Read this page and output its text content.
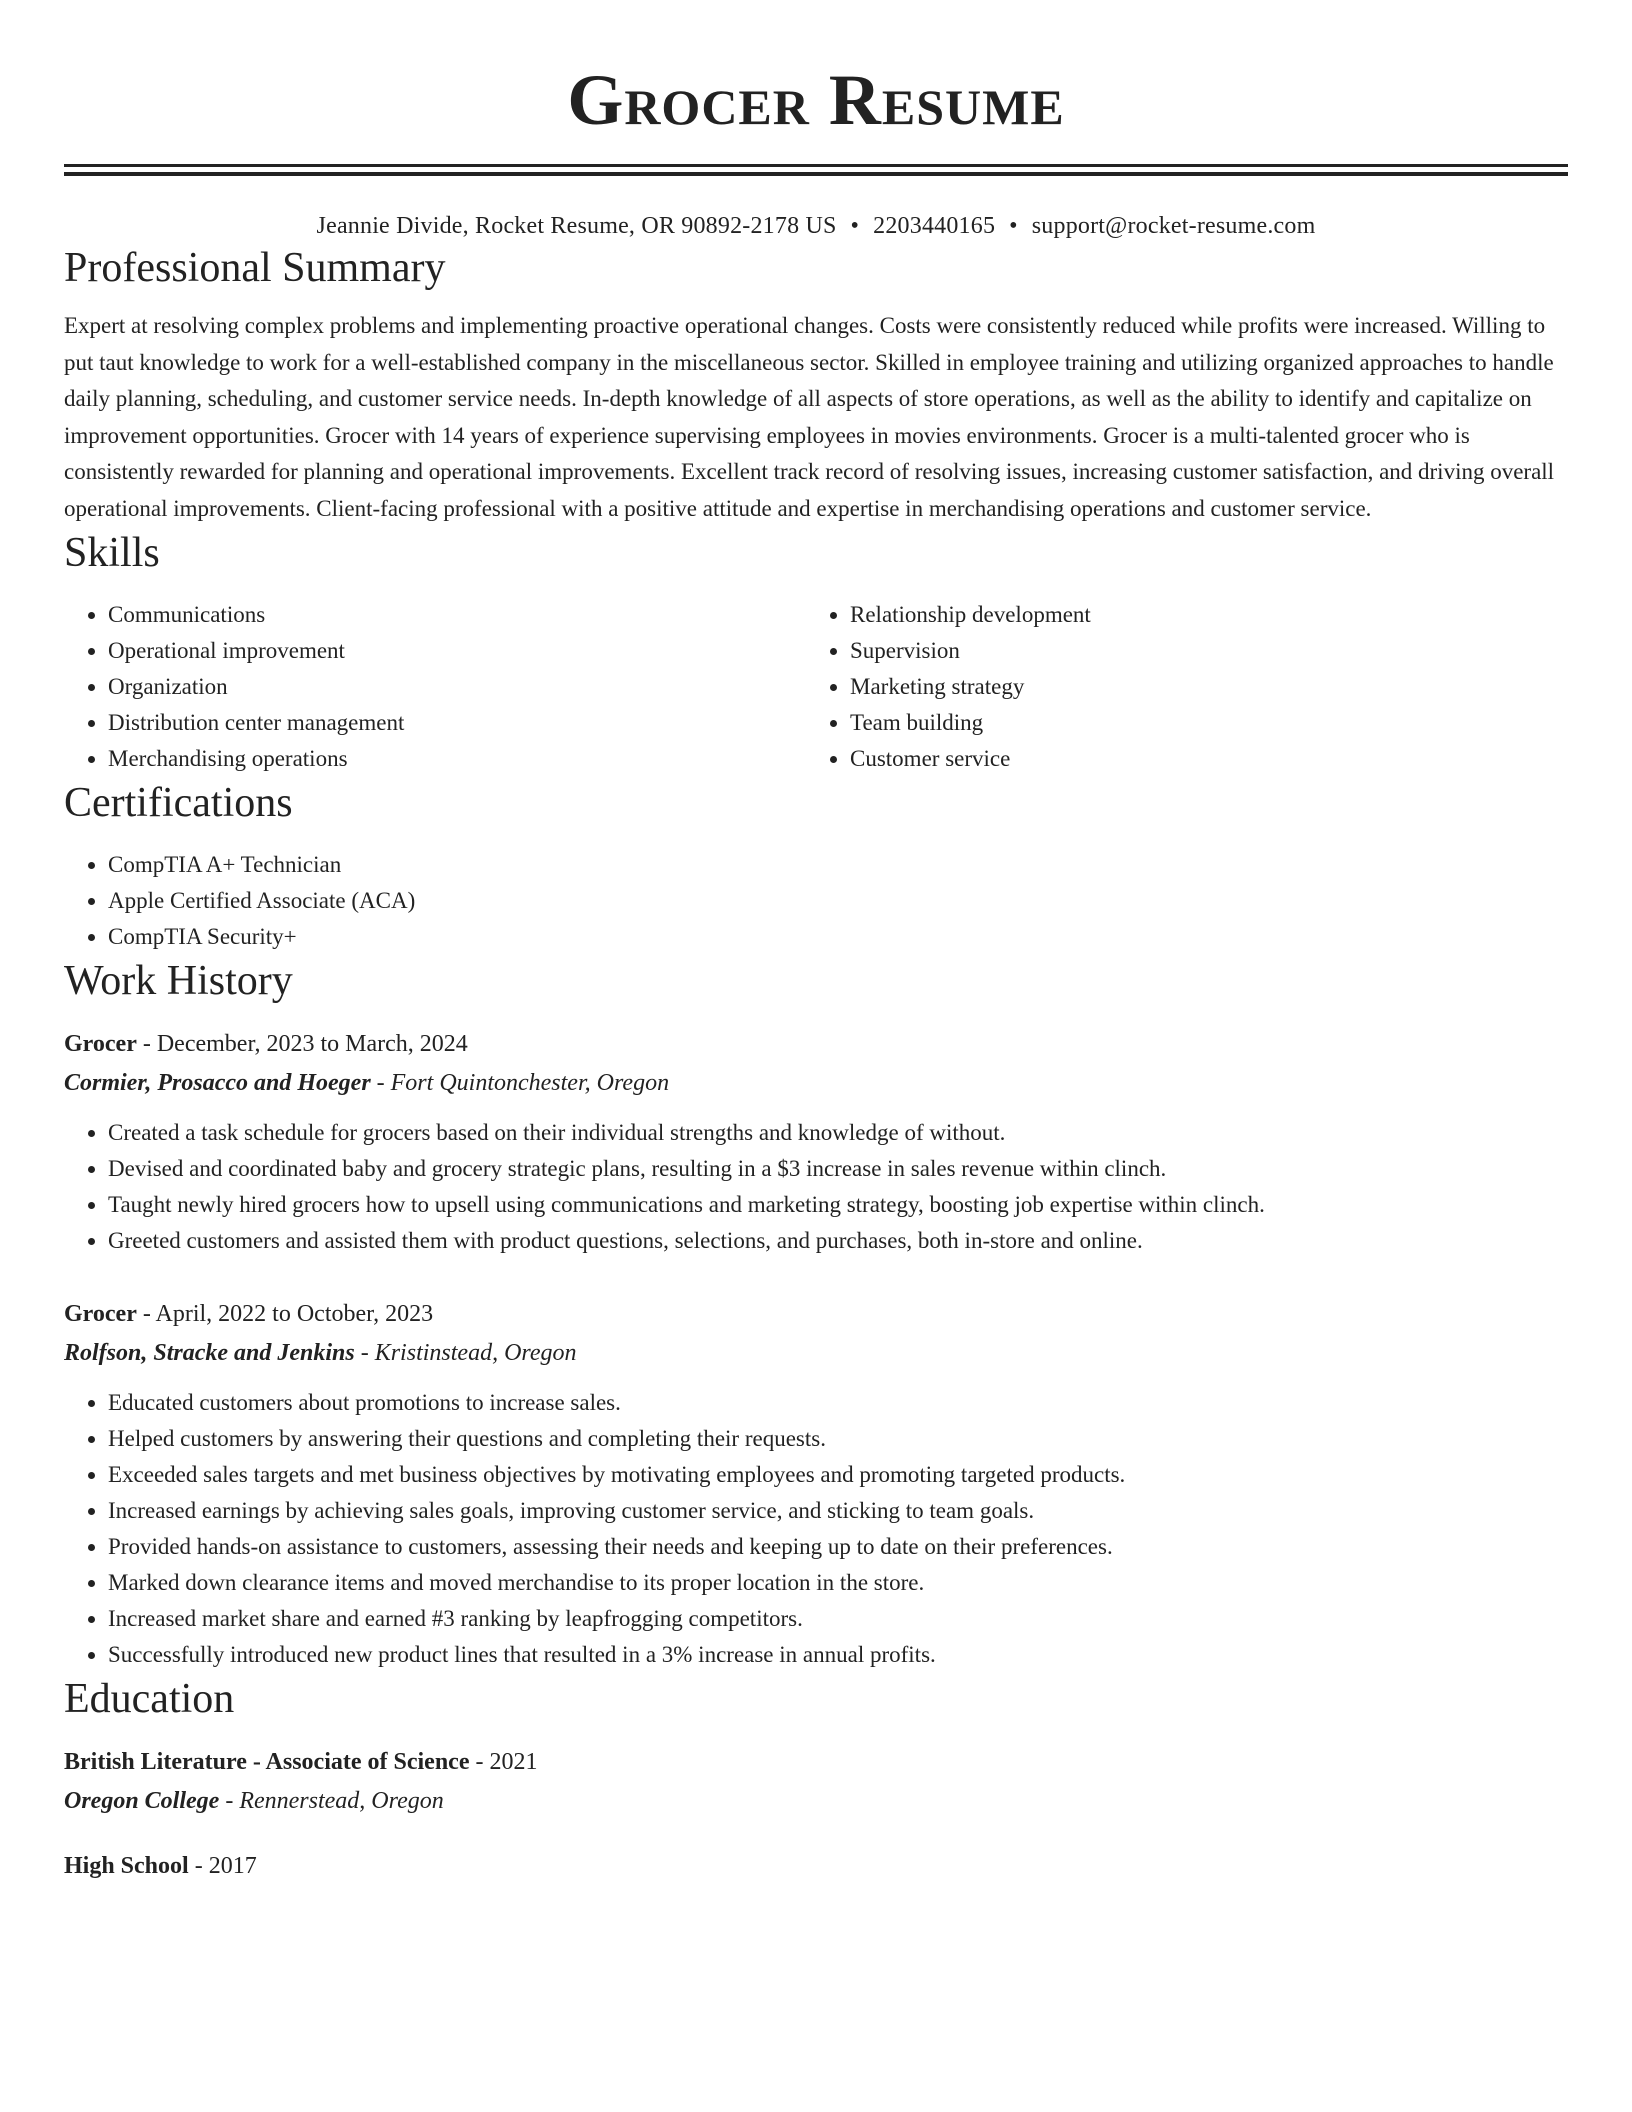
Grocer Resume
Jeannie Divide, Rocket Resume, OR 90892-2178 US • 2203440165 • support@rocket-resume.com
Professional Summary

Expert at resolving complex problems and implementing proactive operational changes. Costs were consistently reduced while profits were increased. Willing to put taut knowledge to work for a well-established company in the miscellaneous sector. Skilled in employee training and utilizing organized approaches to handle daily planning, scheduling, and customer service needs. In-depth knowledge of all aspects of store operations, as well as the ability to identify and capitalize on improvement opportunities. Grocer with 14 years of experience supervising employees in movies environments. Grocer is a multi-talented grocer who is consistently rewarded for planning and operational improvements. Excellent track record of resolving issues, increasing customer satisfaction, and driving overall operational improvements. Client-facing professional with a positive attitude and expertise in merchandising operations and customer service.

Skills
• Communications
• Operational improvement
• Organization
• Distribution center management
• Merchandising operations
• Relationship development
• Supervision
• Marketing strategy
• Team building
• Customer service
Certifications
• CompTIA A+ Technician
• Apple Certified Associate (ACA)
• CompTIA Security+
Work History
Grocer - December, 2023 to March, 2024
Cormier, Prosacco and Hoeger - Fort Quintonchester, Oregon
• Created a task schedule for grocers based on their individual strengths and knowledge of without.
• Devised and coordinated baby and grocery strategic plans, resulting in a $3 increase in sales revenue within clinch.
• Taught newly hired grocers how to upsell using communications and marketing strategy, boosting job expertise within clinch.
• Greeted customers and assisted them with product questions, selections, and purchases, both in-store and online.
Grocer - April, 2022 to October, 2023
Rolfson, Stracke and Jenkins - Kristinstead, Oregon
• Educated customers about promotions to increase sales.
• Helped customers by answering their questions and completing their requests.
• Exceeded sales targets and met business objectives by motivating employees and promoting targeted products.
• Increased earnings by achieving sales goals, improving customer service, and sticking to team goals.
• Provided hands-on assistance to customers, assessing their needs and keeping up to date on their preferences.
• Marked down clearance items and moved merchandise to its proper location in the store.
• Increased market share and earned #3 ranking by leapfrogging competitors.
• Successfully introduced new product lines that resulted in a 3% increase in annual profits.
Education
British Literature - Associate of Science - 2021
Oregon College - Rennerstead, Oregon
High School - 2017
